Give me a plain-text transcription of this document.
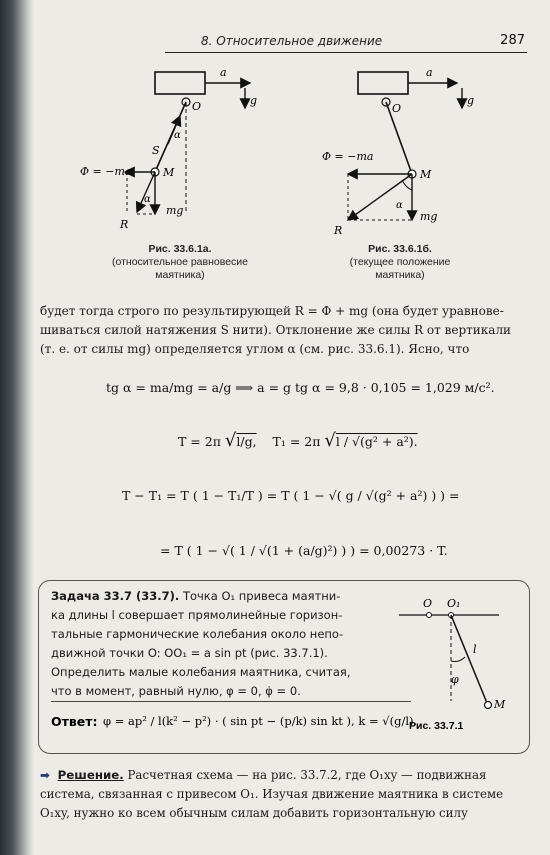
8. Относительное движение	287
a
g
O
α
S
Φ = −ma	M
α
R
mg
Рис. 33.6.1а.
(относительное равновесие
маятника)
a
g
O
Φ = −ma
M
α
R
mg
Рис. 33.6.1б.
(текущее положение
маятника)
будет тогда строго по результирующей R = Φ + mg (она будет уравнове-
шиваться силой натяжения S нити). Отклонение же силы R от вертикали
(т. е. от силы mg) определяется углом α (см. рис. 33.6.1). Ясно, что
tg α = ma/mg = a/g ⟹ a = g tg α = 9,8 · 0,105 = 1,029 м/с².
T = 2π √l/g, T₁ = 2π √l / √(g² + a²).
T − T₁ = T ( 1 − T₁/T ) = T ( 1 − √( g / √(g² + a²) ) ) =
= T ( 1 − √( 1 / √(1 + (a/g)²) ) ) = 0,00273 · T.
Задача 33.7 (33.7). Точка O₁ привеса маятни-
ка длины l совершает прямолинейные горизон-
тальные гармонические колебания около непо-
движной точки O: OO₁ = a sin pt (рис. 33.7.1).
Определить малые колебания маятника, считая,
что в момент, равный нулю, φ = 0, φ̇ = 0.
Ответ: φ = ap² / l(k² − p²) · ( sin pt − (p/k) sin kt ), k = √(g/l).
O O₁
l
φ
M
Рис. 33.7.1
➡ Решение. Расчетная схема — на рис. 33.7.2, где O₁xy — подвижная
система, связанная с привесом O₁. Изучая движение маятника в системе
O₁xy, нужно ко всем обычным силам добавить горизонтальную силу
